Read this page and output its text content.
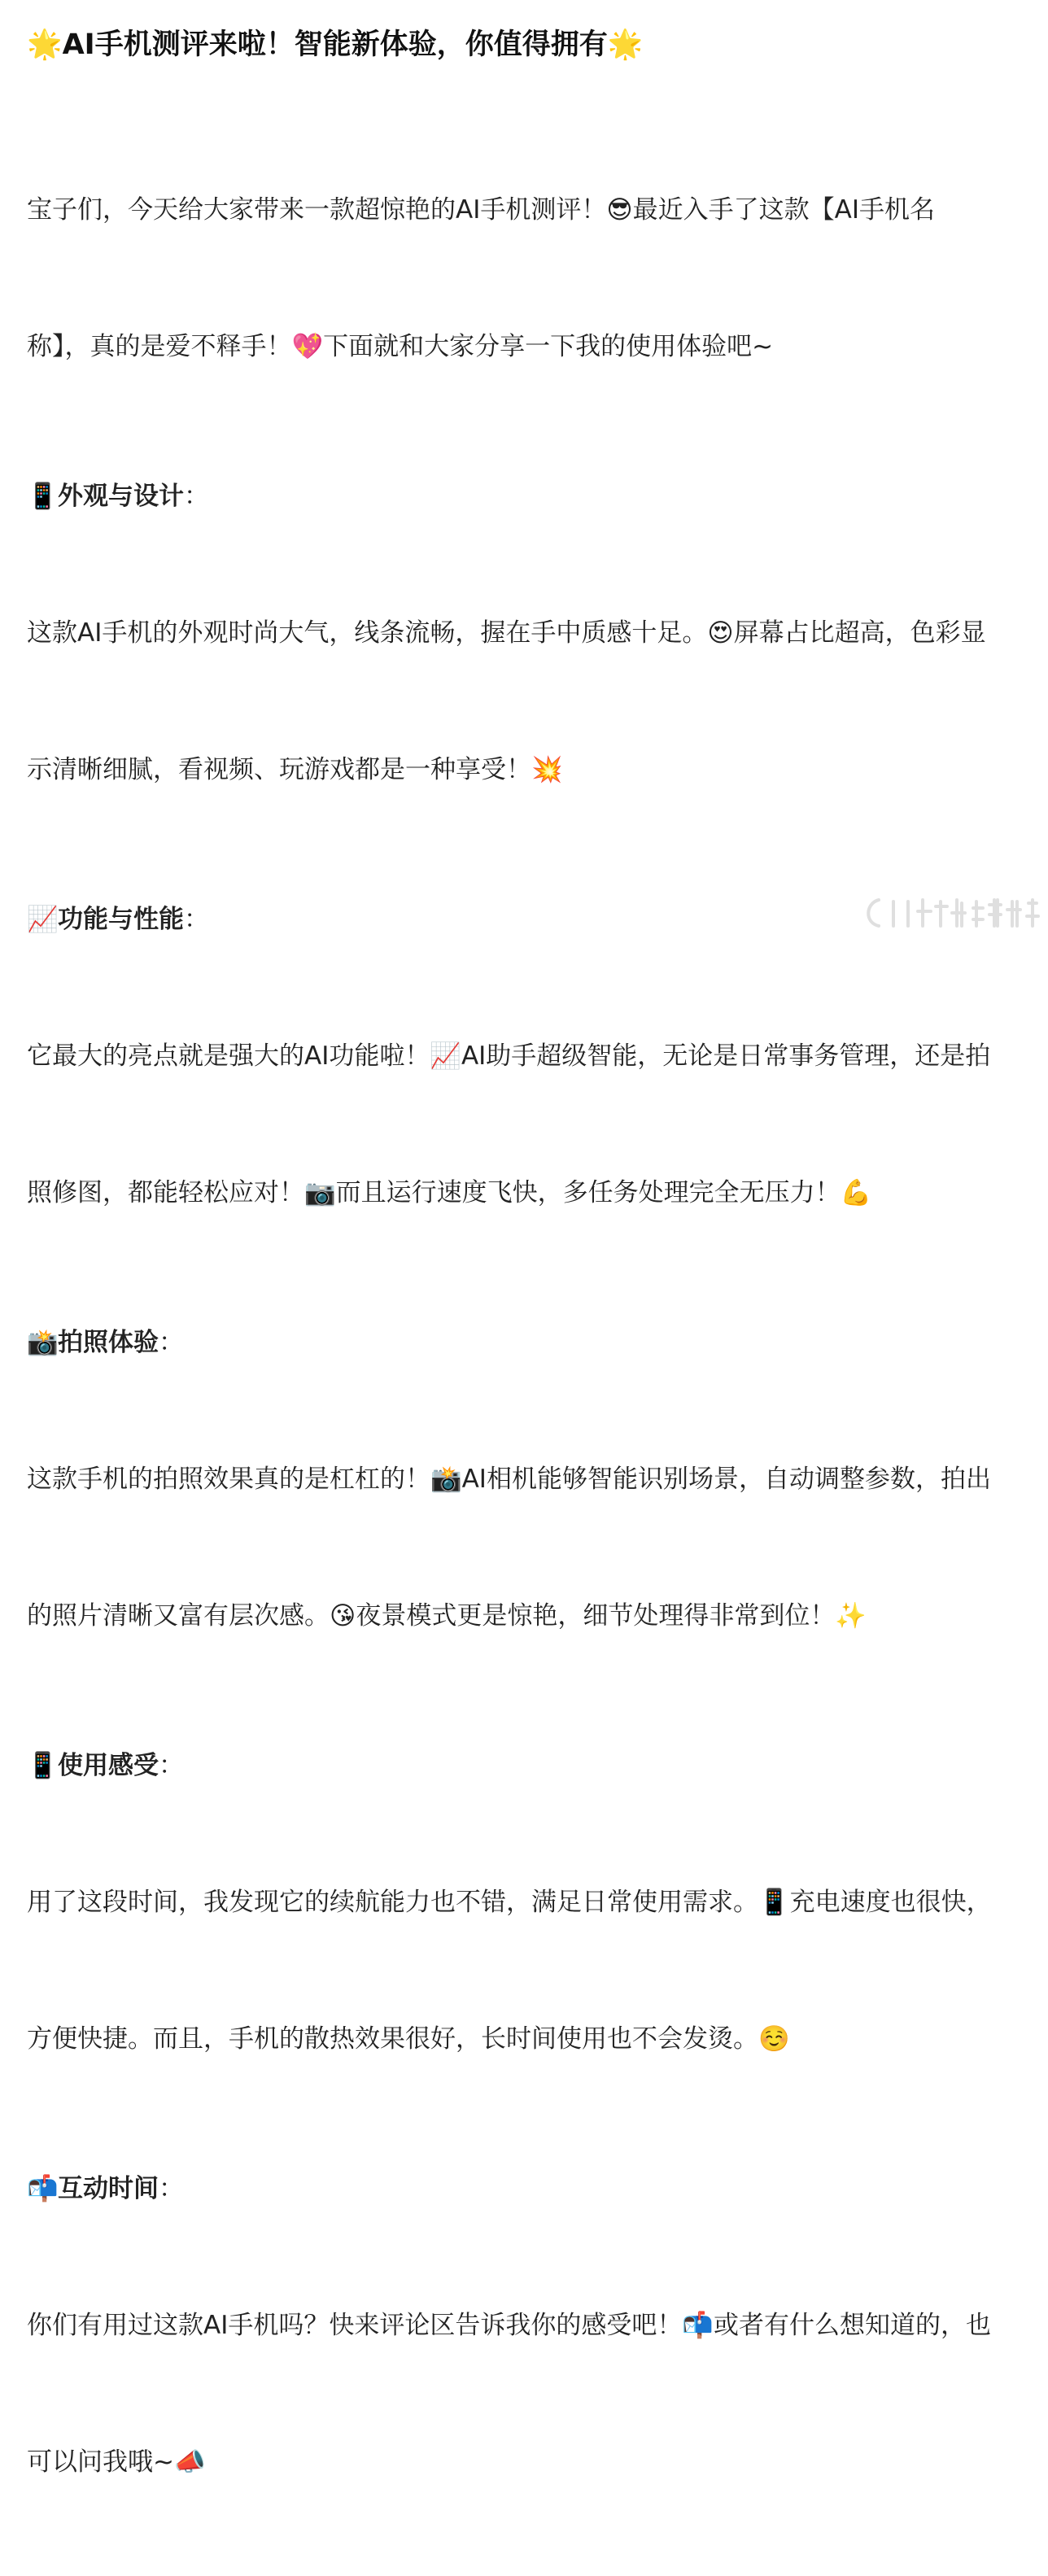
🌟AI手机测评来啦！智能新体验，你值得拥有🌟

宝子们，今天给大家带来一款超惊艳的AI手机测评！😎最近入手了这款【AI手机名

称】，真的是爱不释手！💖下面就和大家分享一下我的使用体验吧~

📱外观与设计：

这款AI手机的外观时尚大气，线条流畅，握在手中质感十足。😍屏幕占比超高，色彩显

示清晰细腻，看视频、玩游戏都是一种享受！💥

📈功能与性能：

它最大的亮点就是强大的AI功能啦！📈AI助手超级智能，无论是日常事务管理，还是拍

照修图，都能轻松应对！📷而且运行速度飞快，多任务处理完全无压力！💪

📸拍照体验：

这款手机的拍照效果真的是杠杠的！📸AI相机能够智能识别场景，自动调整参数，拍出

的照片清晰又富有层次感。😘夜景模式更是惊艳，细节处理得非常到位！✨

📱使用感受：

用了这段时间，我发现它的续航能力也不错，满足日常使用需求。📱充电速度也很快，

方便快捷。而且，手机的散热效果很好，长时间使用也不会发烫。☺️

📬互动时间：

你们有用过这款AI手机吗？快来评论区告诉我你的感受吧！📬或者有什么想知道的，也

可以问我哦~📣
